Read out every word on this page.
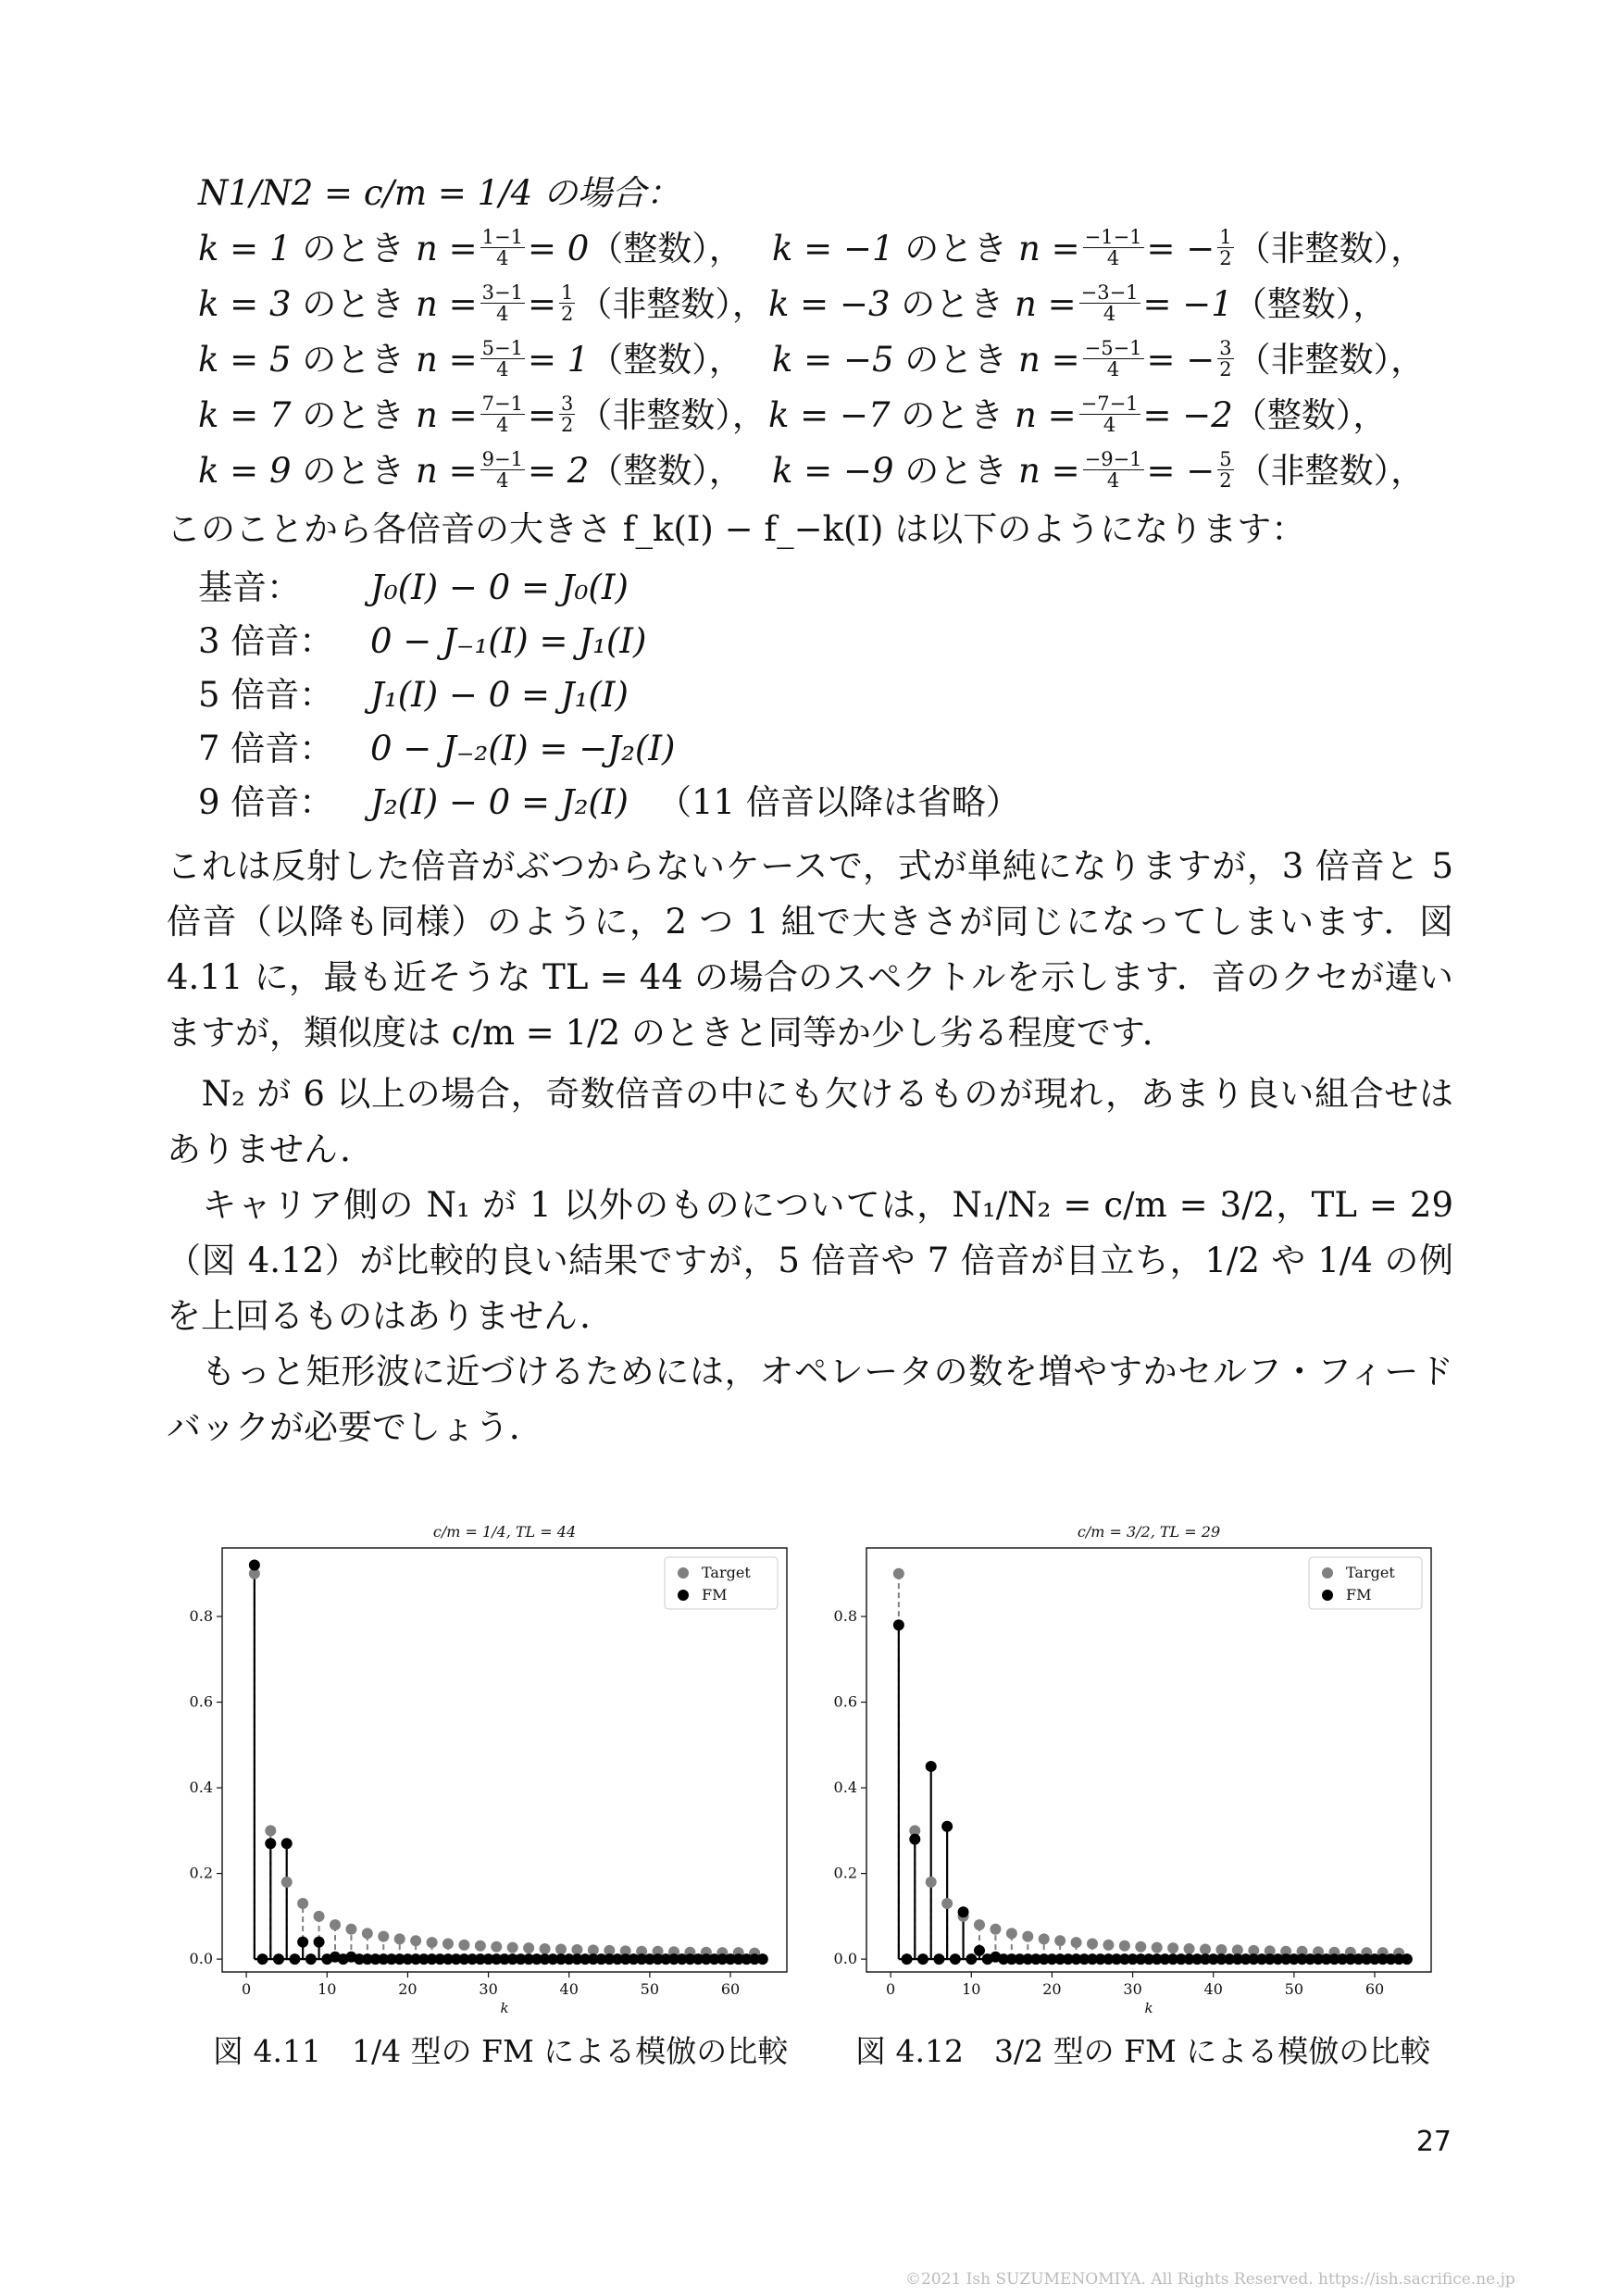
N1/N2 = c/m = 1/4 の場合：
k = 1 のとき $n = \frac{1-1}{4} = 0$（整数）， k = −1 のとき $n = \frac{-1-1}{4}$ = − $\frac{1}{2}$ （非整数），
k = 3 のとき $n = \frac{3-1}{4} = \frac{1}{2}$ （非整数）， k = −3 のとき $n = \frac{-3-1}{4} = -1$（整数），
k = 5 のとき $n = \frac{5-1}{4} = 1$（整数）， k = −5 のとき $n = \frac{-5-1}{4}$ = − $\frac{3}{2}$ （非整数），
k = 7 のとき $n = \frac{7-1}{4} = \frac{3}{2}$ （非整数）， k = −7 のとき $n = \frac{-7-1}{4} = -2$（整数），
k = 9 のとき $n = \frac{9-1}{4} = 2$（整数）， k = −9 のとき $n = \frac{-9-1}{4}$ = − $\frac{5}{2}$ （非整数），
このことから各倍音の大きさ f_k(I) − f_−k(I) は以下のようになります：
基音： J₀(I) − 0 = J₀(I)
3 倍音： 0 − J₋₁(I) = J₁(I)
5 倍音： J₁(I) − 0 = J₁(I)
7 倍音： 0 − J₋₂(I) = −J₂(I)
9 倍音： J₂(I) − 0 = J₂(I) （11 倍音以降は省略）
これは反射した倍音がぶつからないケースで，式が単純になりますが，3 倍音と 5 倍音（以降も同様）のように，2 つ 1 組で大きさが同じになってしまいます．図 4.11 に，最も近そうな TL = 44 の場合のスペクトルを示します．音のクセが違いますが，類似度は c/m = 1/2 のときと同等か少し劣る程度です．
　N₂ が 6 以上の場合，奇数倍音の中にも欠けるものが現れ，あまり良い組合せはありません．
　キャリア側の N₁ が 1 以外のものについては，N₁/N₂ = c/m = 3/2，TL = 29（図 4.12）が比較的良い結果ですが，5 倍音や 7 倍音が目立ち，1/2 や 1/4 の例を上回るものはありません．
　もっと矩形波に近づけるためには，オペレータの数を増やすかセルフ・フィードバックが必要でしょう．
c/m = 1/4, TL = 44
0	10	20	30	40	50	60
0.0
0.2
0.4
0.6
0.8
k
Target
FM
c/m = 3/2, TL = 29
0	10	20	30	40	50	60
0.0
0.2
0.4
0.6
0.8
k
Target
FM
図 4.11　1/4 型の FM による模倣の比較 図 4.12　3/2 型の FM による模倣の比較
27
©2021 Ish SUZUMENOMIYA. All Rights Reserved. https://ish.sacrifice.ne.jp
